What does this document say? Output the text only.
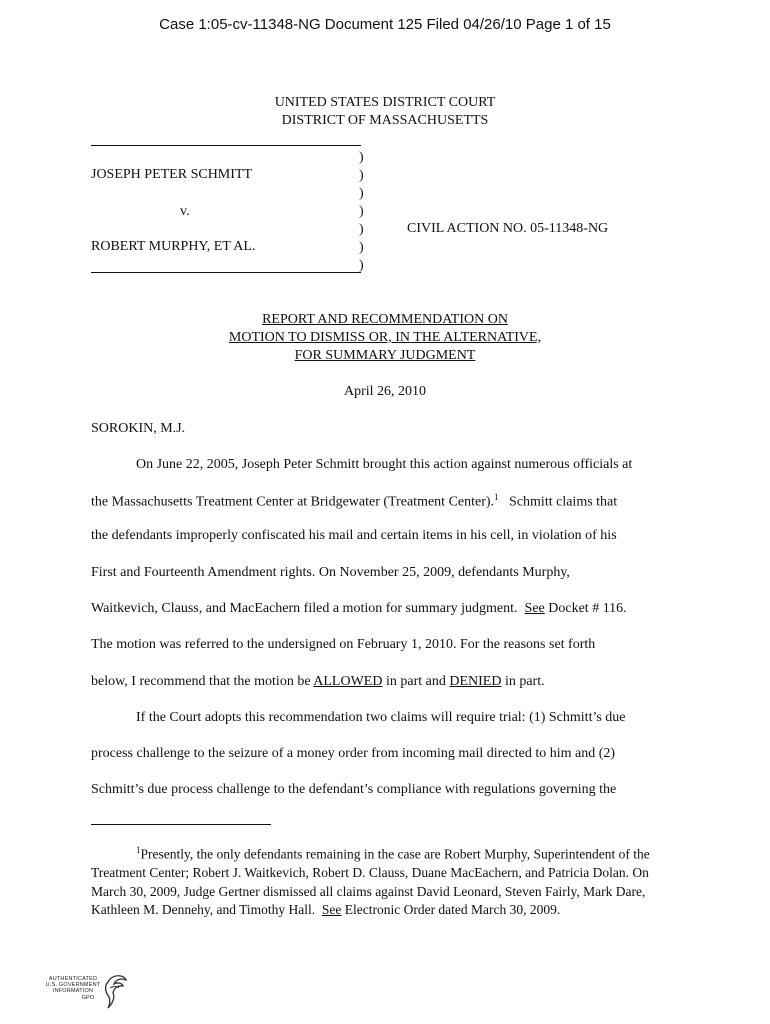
Case 1:05-cv-11348-NG Document 125 Filed 04/26/10 Page 1 of 15
UNITED STATES DISTRICT COURT
DISTRICT OF MASSACHUSETTS
)
)
)
)
)
)
)
JOSEPH PETER SCHMITT
v.
CIVIL ACTION NO. 05-11348-NG
ROBERT MURPHY, ET AL.
REPORT AND RECOMMENDATION ON
MOTION TO DISMISS OR, IN THE ALTERNATIVE,
FOR SUMMARY JUDGMENT
April 26, 2010
SOROKIN, M.J.
On June 22, 2005, Joseph Peter Schmitt brought this action against numerous officials at
the Massachusetts Treatment Center at Bridgewater (Treatment Center).$^1$ Schmitt claims that
the defendants improperly confiscated his mail and certain items in his cell, in violation of his
First and Fourteenth Amendment rights. On November 25, 2009, defendants Murphy,
Waitkevich, Clauss, and MacEachern filed a motion for summary judgment. See Docket # 116.
The motion was referred to the undersigned on February 1, 2010. For the reasons set forth
below, I recommend that the motion be ALLOWED in part and DENIED in part.
If the Court adopts this recommendation two claims will require trial: (1) Schmitt’s due
process challenge to the seizure of a money order from incoming mail directed to him and (2)
Schmitt’s due process challenge to the defendant’s compliance with regulations governing the
$^1$Presently, the only defendants remaining in the case are Robert Murphy, Superintendent of the Treatment Center; Robert J. Waitkevich, Robert D. Clauss, Duane MacEachern, and Patricia Dolan. On March 30, 2009, Judge Gertner dismissed all claims against David Leonard, Steven Fairly, Mark Dare, Kathleen M. Dennehy, and Timothy Hall. See Electronic Order dated March 30, 2009.
AUTHENTICATED
U.S. GOVERNMENT
INFORMATION
GPO
